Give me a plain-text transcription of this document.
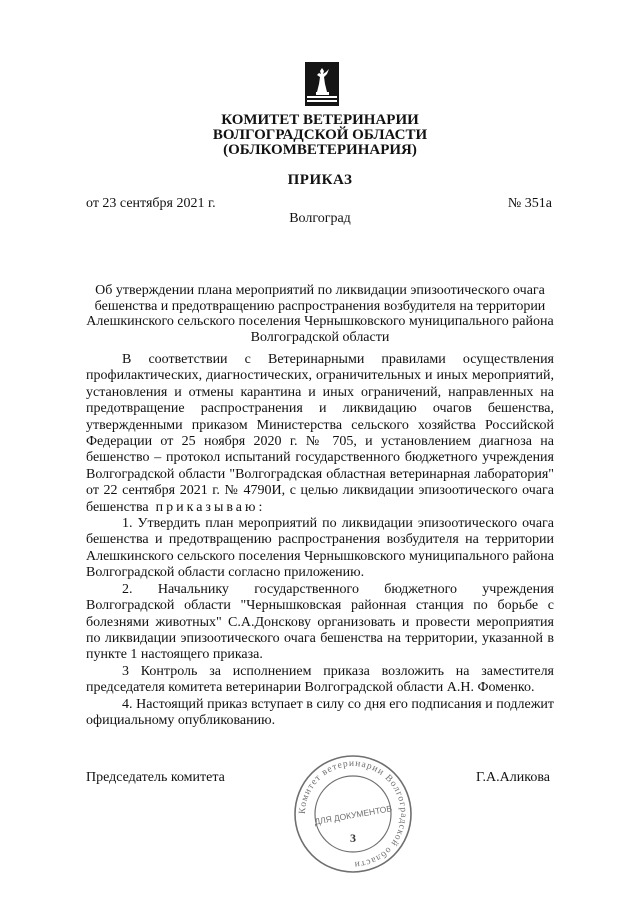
КОМИТЕТ ВЕТЕРИНАРИИ
ВОЛГОГРАДСКОЙ ОБЛАСТИ
(ОБЛКОМВЕТЕРИНАРИЯ)
ПРИКАЗ
от 23 сентября 2021 г.	№ 351а
Волгоград
Об утверждении плана мероприятий по ликвидации эпизоотического очага бешенства и предотвращению распространения возбудителя на территории Алешкинского сельского поселения Чернышковского муниципального района Волгоградской области

В соответствии с Ветеринарными правилами осуществления профилактических, диагностических, ограничительных и иных мероприятий, установления и отмены карантина и иных ограничений, направленных на предотвращение распространения и ликвидацию очагов бешенства, утвержденными приказом Министерства сельского хозяйства Российской Федерации от 25 ноября 2020 г. № 705, и установлением диагноза на бешенство – протокол испытаний государственного бюджетного учреждения Волгоградской области "Волгоградская областная ветеринарная лаборатория" от 22 сентября 2021 г. № 4790И, с целью ликвидации эпизоотического очага бешенства приказываю:

1. Утвердить план мероприятий по ликвидации эпизоотического очага бешенства и предотвращению распространения возбудителя на территории Алешкинского сельского поселения Чернышковского муниципального района Волгоградской области согласно приложению.

2. Начальнику государственного бюджетного учреждения Волгоградской области "Чернышковская районная станция по борьбе с болезнями животных" С.А.Донскову организовать и провести мероприятия по ликвидации эпизоотического очага бешенства на территории, указанной в пункте 1 настоящего приказа.

3 Контроль за исполнением приказа возложить на заместителя председателя комитета ветеринарии Волгоградской области А.Н. Фоменко.

4. Настоящий приказ вступает в силу со дня его подписания и подлежит официальному опубликованию.

Председатель комитета	Г.А.Аликова
Комитет ветеринарии Волгоградской области
ДЛЯ ДОКУМЕНТОВ
3
